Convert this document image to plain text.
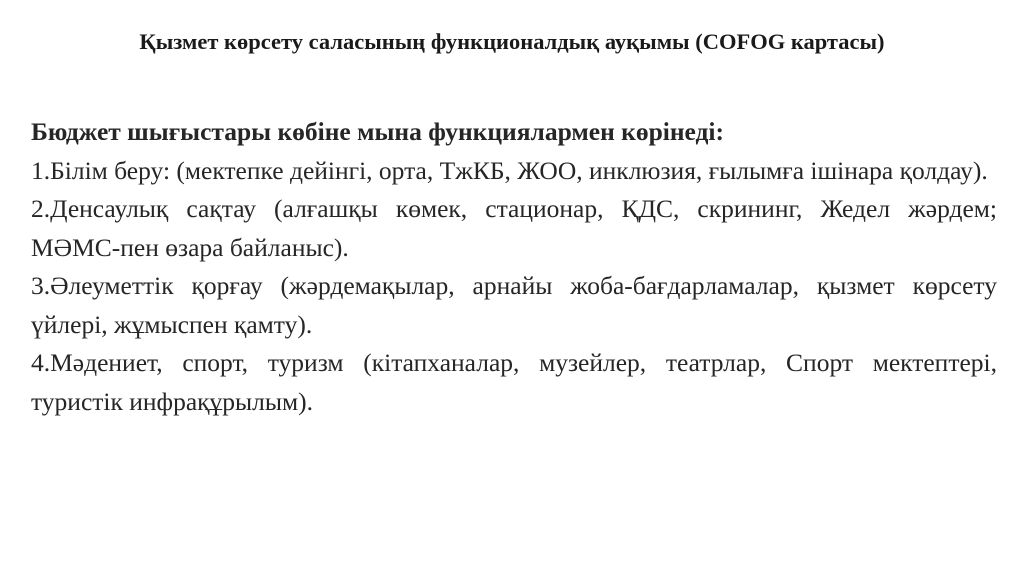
Қызмет көрсету саласының функционалдық ауқымы (COFOG картасы)

Бюджет шығыстары көбіне мына функциялармен көрінеді:

1.Білім беру: (мектепке дейінгі, орта, ТжКБ, ЖОО, инклюзия, ғылымға ішінара қолдау).

2.Денсаулық сақтау (алғашқы көмек, стационар, ҚДС, скрининг, Жедел жәрдем; МӘМС-пен өзара байланыс).

3.Әлеуметтік қорғау (жәрдемақылар, арнайы жоба-бағдарламалар, қызмет көрсету үйлері, жұмыспен қамту).

4.Мәдениет, спорт, туризм (кітапханалар, музейлер, театрлар, Спорт мектептері, туристік инфрақұрылым).
